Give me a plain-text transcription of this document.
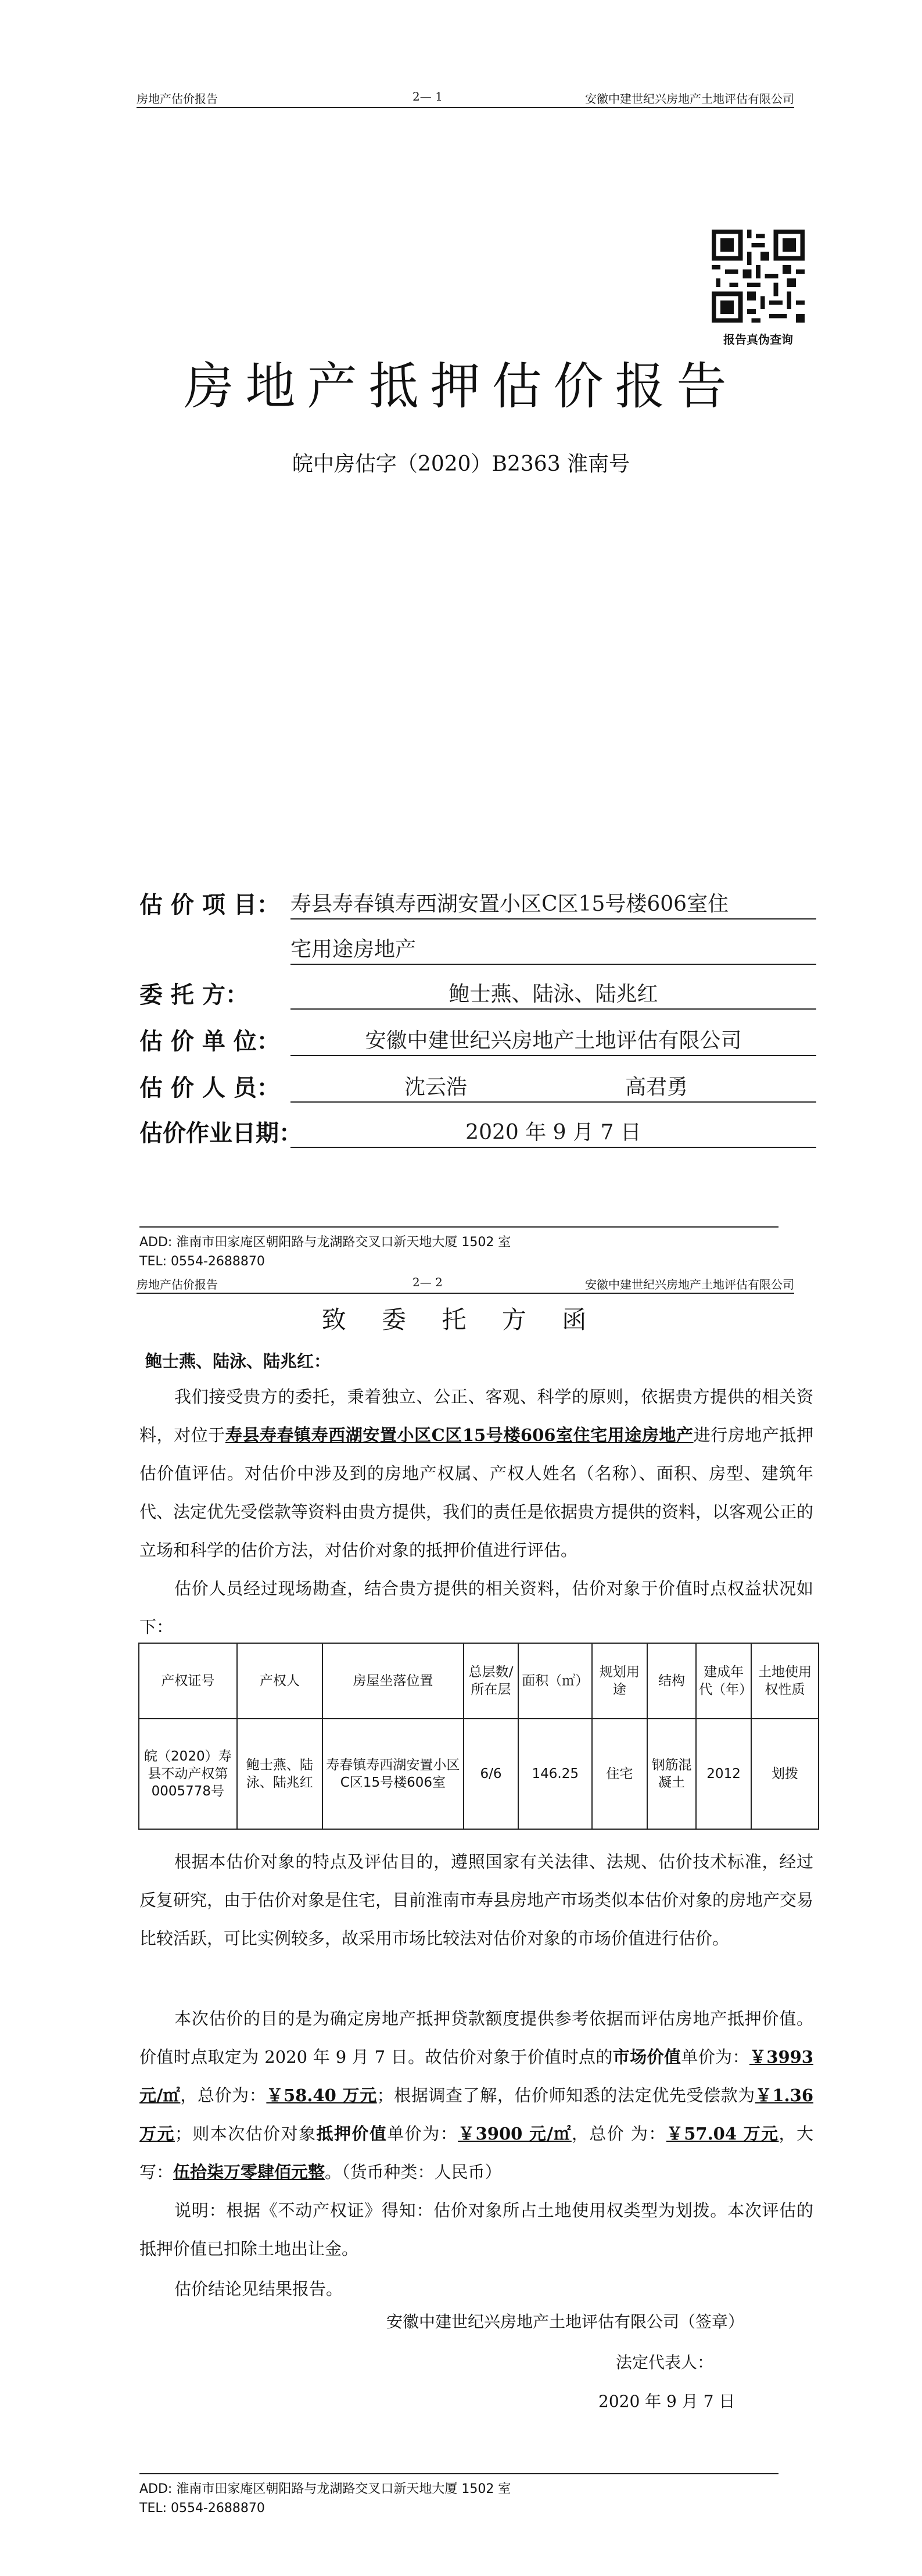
房地产估价报告	2— 1	安徽中建世纪兴房地产土地评估有限公司
报告真伪查询
房地产抵押估价报告
皖中房估字（2020）B2363 淮南号
估 价 项 目： 寿县寿春镇寿西湖安置小区C区15号楼606室住
宅用途房地产
委 托 方：	鲍士燕、陆泳、陆兆红
估 价 单 位：	安徽中建世纪兴房地产土地评估有限公司
估 价 人 员：	沈云浩	高君勇
估价作业日期：	2020 年 9 月 7 日
ADD: 淮南市田家庵区朝阳路与龙湖路交叉口新天地大厦 1502 室
TEL: 0554-2688870
房地产估价报告	2— 2	安徽中建世纪兴房地产土地评估有限公司
致 委 托 方 函
鲍士燕、陆泳、陆兆红：
我们接受贵方的委托，秉着独立、公正、客观、科学的原则，依据贵方提供的相关资料，对位于寿县寿春镇寿西湖安置小区C区15号楼606室住宅用途房地产进行房地产抵押估价值评估。对估价中涉及到的房地产权属、产权人姓名（名称）、面积、房型、建筑年代、法定优先受偿款等资料由贵方提供，我们的责任是依据贵方提供的资料，以客观公正的立场和科学的估价方法，对估价对象的抵押价值进行评估。
估价人员经过现场勘查，结合贵方提供的相关资料，估价对象于价值时点权益状况如下：
产权证号	产权人	房屋坐落位置	总层数/所在层	面积（㎡）	规划用途	结构	建成年代（年）	土地使用权性质
皖（2020）寿县不动产权第0005778号	鲍士燕、陆泳、陆兆红	寿春镇寿西湖安置小区C区15号楼606室	6/6	146.25	住宅	钢筋混凝土	2012	划拨
根据本估价对象的特点及评估目的，遵照国家有关法律、法规、估价技术标准，经过反复研究，由于估价对象是住宅，目前淮南市寿县房地产市场类似本估价对象的房地产交易比较活跃，可比实例较多，故采用市场比较法对估价对象的市场价值进行估价。
本次估价的目的是为确定房地产抵押贷款额度提供参考依据而评估房地产抵押价值。价值时点取定为 2020 年 9 月 7 日。故估价对象于价值时点的市场价值单价为：￥3993 元/㎡，总价为：￥58.40 万元；根据调查了解，估价师知悉的法定优先受偿款为￥1.36 万元；则本次估价对象抵押价值单价为：￥3900 元/㎡，总价 为：￥57.04 万元，大写：伍拾柒万零肆佰元整。（货币种类：人民币）
说明：根据《不动产权证》得知：估价对象所占土地使用权类型为划拨。本次评估的抵押价值已扣除土地出让金。
估价结论见结果报告。
安徽中建世纪兴房地产土地评估有限公司（签章）
法定代表人：
2020 年 9 月 7 日
ADD: 淮南市田家庵区朝阳路与龙湖路交叉口新天地大厦 1502 室
TEL: 0554-2688870
